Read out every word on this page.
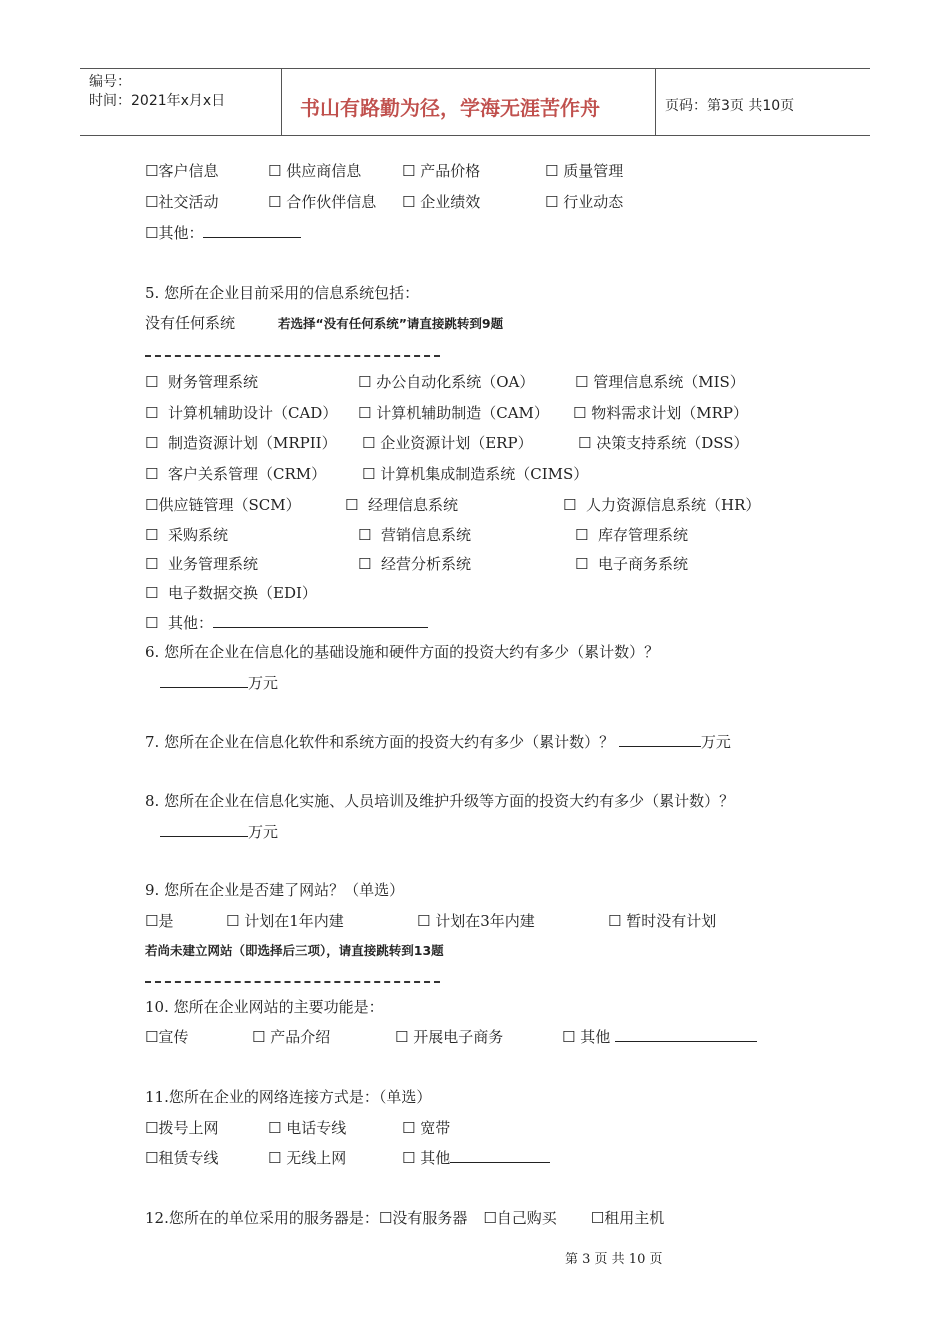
编号：
时间：2021年x月x日	书山有路勤为径，学海无涯苦作舟	页码：第3页 共10页
☐客户信息	☐ 供应商信息	☐ 产品价格	☐ 质量管理
☐社交活动	☐ 合作伙伴信息 ☐ 企业绩效	☐ 行业动态
☐其他：
5. 您所在企业目前采用的信息系统包括：
没有任何系统	若选择“没有任何系统”请直接跳转到9题
☐ 财务管理系统	☐ 办公自动化系统（OA）	☐ 管理信息系统（MIS）
☐ 计算机辅助设计（CAD） ☐ 计算机辅助制造（CAM） ☐ 物料需求计划（MRP）
☐ 制造资源计划（MRPII） ☐ 企业资源计划（ERP）	☐ 决策支持系统（DSS）
☐ 客户关系管理（CRM） ☐ 计算机集成制造系统（CIMS）
☐供应链管理（SCM）	☐ 经理信息系统	☐ 人力资源信息系统（HR）
☐ 采购系统	☐ 营销信息系统	☐ 库存管理系统
☐ 业务管理系统	☐ 经营分析系统	☐ 电子商务系统
☐ 电子数据交换（EDI）
☐ 其他：
6. 您所在企业在信息化的基础设施和硬件方面的投资大约有多少（累计数）？
万元
7. 您所在企业在信息化软件和系统方面的投资大约有多少（累计数）？	万元
8. 您所在企业在信息化实施、人员培训及维护升级等方面的投资大约有多少（累计数）？
万元
9. 您所在企业是否建了网站？（单选）
☐是	☐ 计划在1年内建	☐ 计划在3年内建	☐ 暂时没有计划
若尚未建立网站（即选择后三项），请直接跳转到13题
10. 您所在企业网站的主要功能是：
☐宣传	☐ 产品介绍	☐ 开展电子商务	☐ 其他
11.您所在企业的网络连接方式是：（单选）
☐拨号上网	☐ 电话专线	☐ 宽带
☐租赁专线	☐ 无线上网	☐ 其他
12.您所在的单位采用的服务器是：☐没有服务器 ☐自己购买 ☐租用主机
第 3 页 共 10 页
